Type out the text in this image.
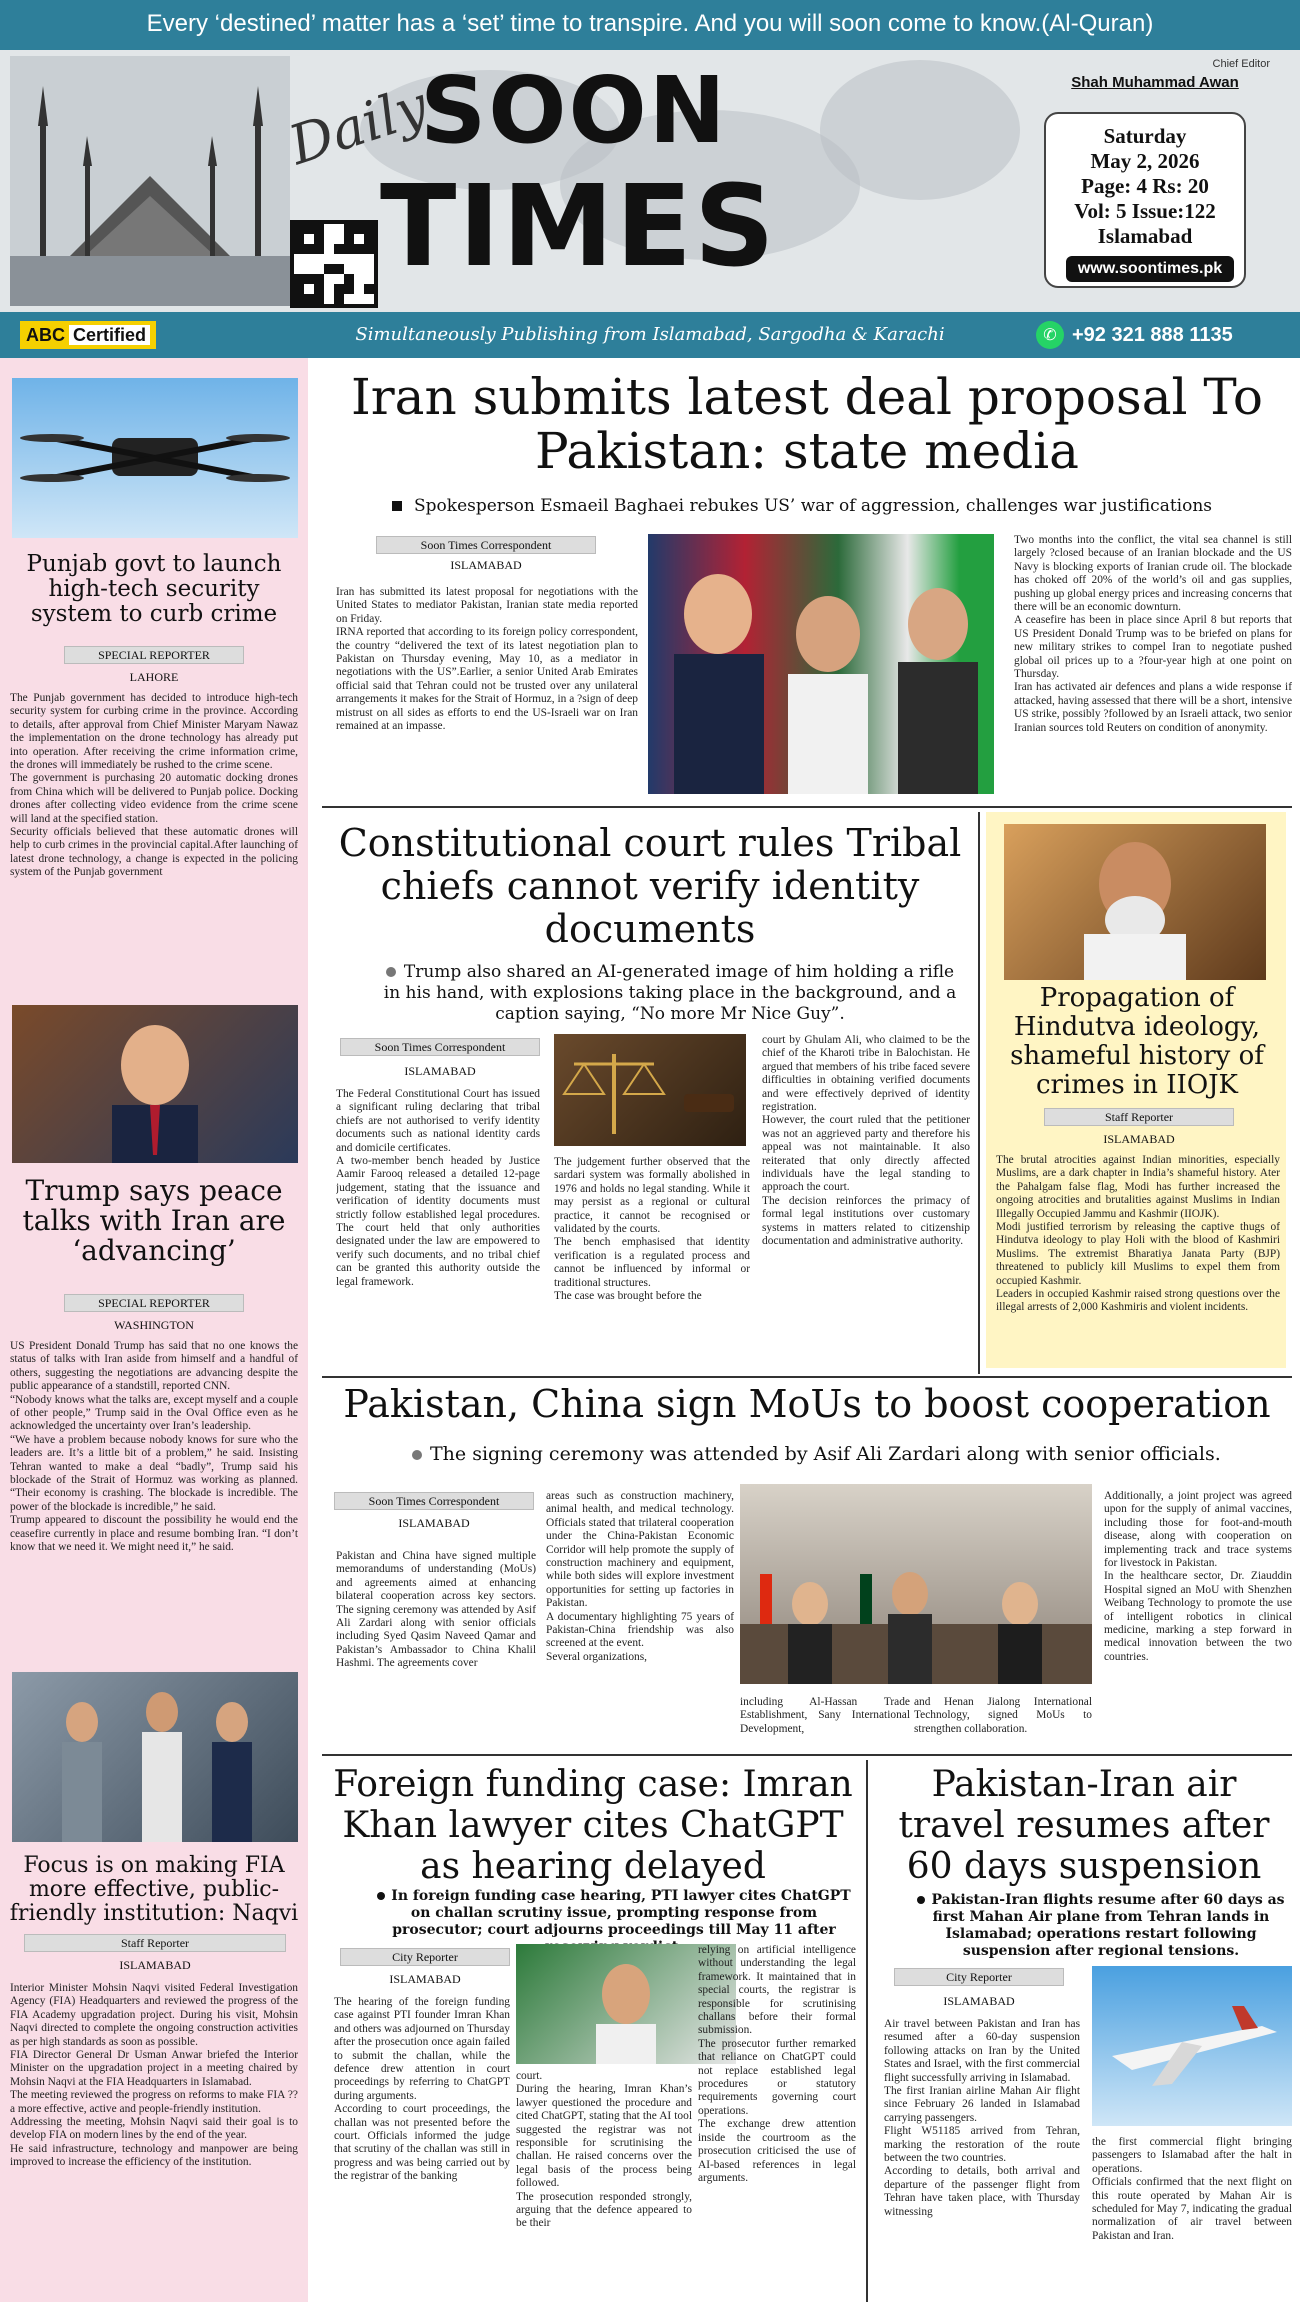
Every ‘destined’ matter has a ‘set’ time to transpire. And you will soon come to know.(Al-Quran)
Daily
SOON
TIMES
Chief Editor
Shah Muhammad Awan
Saturday
May 2, 2026
Page: 4 Rs: 20
Vol: 5 Issue:122
Islamabad
www.soontimes.pk
ABC Certified	Simultaneously Publishing from Islamabad, Sargodha & Karachi	✆ +92 321 888 1135
Punjab govt to launch high-tech security system to curb crime
SPECIAL REPORTER
LAHORE
The Punjab government has decided to introduce high-tech security system for curbing crime in the province. According to details, after approval from Chief Minister Maryam Nawaz the implementation on the drone technology has already put into operation. After receiving the crime information crime, the drones will immediately be rushed to the crime scene.
The government is purchasing 20 automatic docking drones from China which will be delivered to Punjab police. Docking drones after collecting video evidence from the crime scene will land at the specified station.
Security officials believed that these automatic drones will help to curb crimes in the provincial capital.After launching of latest drone technology, a change is expected in the policing system of the Punjab government
Trump says peace talks with Iran are ‘advancing’
SPECIAL REPORTER
WASHINGTON
US President Donald Trump has said that no one knows the status of talks with Iran aside from himself and a handful of others, suggesting the negotiations are advancing despite the public appearance of a standstill, reported CNN.
“Nobody knows what the talks are, except myself and a couple of other people,” Trump said in the Oval Office even as he acknowledged the uncertainty over Iran’s leadership.
“We have a problem because nobody knows for sure who the leaders are. It’s a little bit of a problem,” he said. Insisting Tehran wanted to make a deal “badly”, Trump said his blockade of the Strait of Hormuz was working as planned. “Their economy is crashing. The blockade is incredible. The power of the blockade is incredible,” he said.
Trump appeared to discount the possibility he would end the ceasefire currently in place and resume bombing Iran. “I don’t know that we need it. We might need it,” he said.
Focus is on making FIA more effective, public-friendly institution: Naqvi
Staff Reporter
ISLAMABAD
Interior Minister Mohsin Naqvi visited Federal Investigation Agency (FIA) Headquarters and reviewed the progress of the FIA Academy upgradation project. During his visit, Mohsin Naqvi directed to complete the ongoing construction activities as per high standards as soon as possible.
FIA Director General Dr Usman Anwar briefed the Interior Minister on the upgradation project in a meeting chaired by Mohsin Naqvi at the FIA Headquarters in Islamabad.
The meeting reviewed the progress on reforms to make FIA ??a more effective, active and people-friendly institution.
Addressing the meeting, Mohsin Naqvi said their goal is to develop FIA on modern lines by the end of the year.
He said infrastructure, technology and manpower are being improved to increase the efficiency of the institution.
Iran submits latest deal proposal To Pakistan: state media
Spokesperson Esmaeil Baghaei rebukes US’ war of aggression, challenges war justifications
Soon Times Correspondent
ISLAMABAD
Iran has submitted its latest proposal for negotiations with the United States to mediator Pakistan, Iranian state media reported on Friday.
IRNA reported that according to its foreign policy correspondent, the country “delivered the text of its latest negotiation plan to Pakistan on Thursday evening, May 10, as a mediator in negotiations with the US”.Earlier, a senior United Arab Emirates official said that Tehran could not be trusted over any unilateral arrangements it makes for the Strait of Hormuz, in a ?sign of deep mistrust on all sides as efforts to end the US-Israeli war on Iran remained at an impasse.
Two months into the conflict, the vital sea channel is still largely ?closed because of an Iranian blockade and the US Navy is blocking exports of Iranian crude oil. The blockade has choked off 20% of the world’s oil and gas supplies, pushing up global energy prices and increasing concerns that there will be an economic downturn.
A ceasefire has been in place since April 8 but reports that US President Donald Trump was to be briefed on plans for new military strikes to compel Iran to negotiate pushed global oil prices up to a ?four-year high at one point on Thursday.
Iran has activated air defences and plans a wide response if attacked, having assessed that there will be a short, intensive US strike, possibly ?followed by an Israeli attack, two senior Iranian sources told Reuters on condition of anonymity.
Constitutional court rules Tribal chiefs cannot verify identity documents
Trump also shared an AI-generated image of him holding a rifle in his hand, with explosions taking place in the background, and a caption saying, “No more Mr Nice Guy”.
Soon Times Correspondent
ISLAMABAD
The Federal Constitutional Court has issued a significant ruling declaring that tribal chiefs are not authorised to verify identity documents such as national identity cards and domicile certificates.
A two-member bench headed by Justice Aamir Farooq released a detailed 12-page judgement, stating that the issuance and verification of identity documents must strictly follow established legal procedures. The court held that only authorities designated under the law are empowered to verify such documents, and no tribal chief can be granted this authority outside the legal framework.
The judgement further observed that the sardari system was formally abolished in 1976 and holds no legal standing. While it may persist as a regional or cultural practice, it cannot be recognised or validated by the courts.
The bench emphasised that identity verification is a regulated process and cannot be influenced by informal or traditional structures.
The case was brought before the
court by Ghulam Ali, who claimed to be the chief of the Kharoti tribe in Balochistan. He argued that members of his tribe faced severe difficulties in obtaining verified documents and were effectively deprived of identity registration.
However, the court ruled that the petitioner was not an aggrieved party and therefore his appeal was not maintainable. It also reiterated that only directly affected individuals have the legal standing to approach the court.
The decision reinforces the primacy of formal legal institutions over customary systems in matters related to citizenship documentation and administrative authority.
Propagation of Hindutva ideology, shameful history of crimes in IIOJK
Staff Reporter
ISLAMABAD
The brutal atrocities against Indian minorities, especially Muslims, are a dark chapter in India’s shameful history. Ater the Pahalgam false flag, Modi has further increased the ongoing atrocities and brutalities against Muslims in Indian Illegally Occupied Jammu and Kashmir (IIOJK).
Modi justified terrorism by releasing the captive thugs of Hindutva ideology to play Holi with the blood of Kashmiri Muslims. The extremist Bharatiya Janata Party (BJP) threatened to publicly kill Muslims to expel them from occupied Kashmir.
Leaders in occupied Kashmir raised strong questions over the illegal arrests of 2,000 Kashmiris and violent incidents.
Pakistan, China sign MoUs to boost cooperation
The signing ceremony was attended by Asif Ali Zardari along with senior officials.
Soon Times Correspondent
ISLAMABAD
Pakistan and China have signed multiple memorandums of understanding (MoUs) and agreements aimed at enhancing bilateral cooperation across key sectors. The signing ceremony was attended by Asif Ali Zardari along with senior officials including Syed Qasim Naveed Qamar and Pakistan’s Ambassador to China Khalil Hashmi. The agreements cover
areas such as construction machinery, animal health, and medical technology. Officials stated that trilateral cooperation under the China-Pakistan Economic Corridor will help promote the supply of construction machinery and equipment, while both sides will explore investment opportunities for setting up factories in Pakistan.
A documentary highlighting 75 years of Pakistan-China friendship was also screened at the event.
Several organizations,
including Al-Hassan Trade Establishment, Sany International Development,
and Henan Jialong International Technology, signed MoUs to strengthen collaboration.
Additionally, a joint project was agreed upon for the supply of animal vaccines, including those for foot-and-mouth disease, along with cooperation on implementing track and trace systems for livestock in Pakistan.
In the healthcare sector, Dr. Ziauddin Hospital signed an MoU with Shenzhen Weibang Technology to promote the use of intelligent robotics in clinical medicine, marking a step forward in medical innovation between the two countries.
Foreign funding case: Imran Khan lawyer cites ChatGPT as hearing delayed
In foreign funding case hearing, PTI lawyer cites ChatGPT on challan scrutiny issue, prompting response from prosecutor; court adjourns proceedings till May 11 after
City Reporter
ISLAMABAD
The hearing of the foreign funding case against PTI founder Imran Khan and others was adjourned on Thursday after the prosecution once again failed to submit the challan, while the defence drew attention in court proceedings by referring to ChatGPT during arguments.
According to court proceedings, the challan was not presented before the court. Officials informed the judge that scrutiny of the challan was still in progress and was being carried out by the registrar of the banking
court.
During the hearing, Imran Khan’s lawyer questioned the procedure and cited ChatGPT, stating that the AI tool suggested the registrar was not responsible for scrutinising the challan. He raised concerns over the legal basis of the process being followed.
The prosecution responded strongly, arguing that the defence appeared to be their
relying on artificial intelligence without understanding the legal framework. It maintained that in special courts, the registrar is responsible for scrutinising challans before their formal submission.
The prosecutor further remarked that reliance on ChatGPT could not replace established legal procedures or statutory requirements governing court operations.
The exchange drew attention inside the courtroom as the prosecution criticised the use of AI-based references in legal arguments.
Pakistan-Iran air travel resumes after 60 days suspension
Pakistan-Iran flights resume after 60 days as first Mahan Air plane from Tehran lands in Islamabad; operations restart following suspension after regional tensions.
City Reporter
ISLAMABAD
Air travel between Pakistan and Iran has resumed after a 60-day suspension following attacks on Iran by the United States and Israel, with the first commercial flight successfully arriving in Islamabad.
The first Iranian airline Mahan Air flight since February 26 landed in Islamabad carrying passengers.
Flight W51185 arrived from Tehran, marking the restoration of the route between the two countries.
According to details, both arrival and departure of the passenger flight from Tehran have taken place, with Thursday witnessing
the first commercial flight bringing passengers to Islamabad after the halt in operations.
Officials confirmed that the next flight on this route operated by Mahan Air is scheduled for May 7, indicating the gradual normalization of air travel between Pakistan and Iran.
